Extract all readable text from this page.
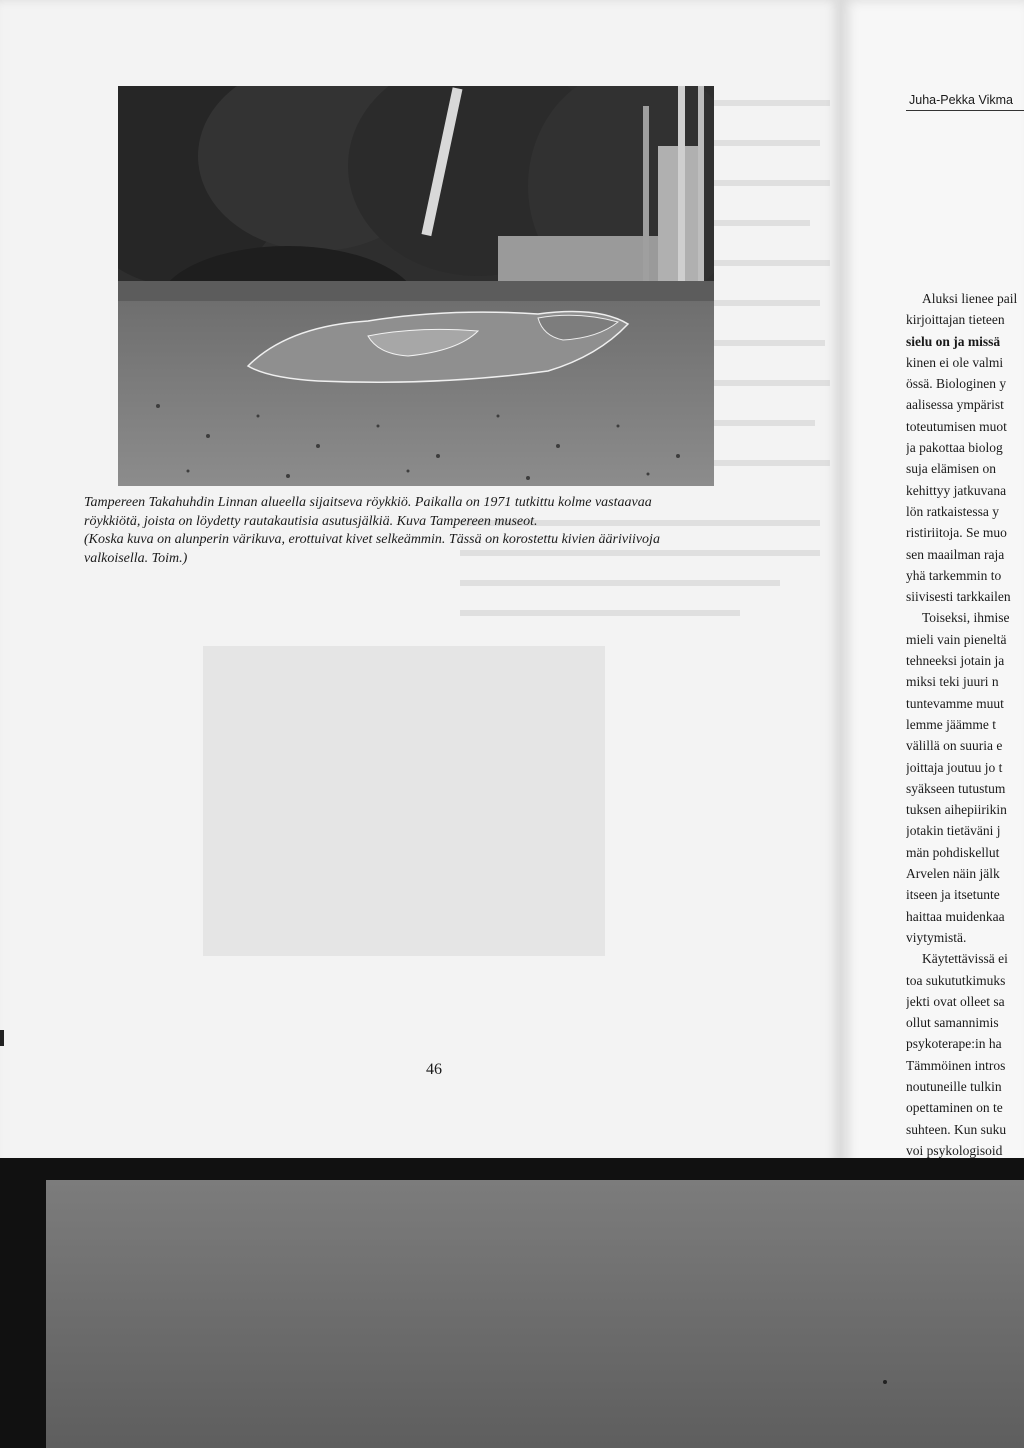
Tampereen Takahuhdin Linnan alueella sijaitseva röykkiö. Paikalla on 1971 tutkittu kolme vastaavaa
röykkiötä, joista on löydetty rautakautisia asutusjälkiä. Kuva Tampereen museot.
(Koska kuva on alunperin värikuva, erottuivat kivet selkeämmin. Tässä on korostettu kivien ääriviivoja
valkoisella. Toim.)

46
Juha-Pekka Vikma
Aluksi lienee pail
kirjoittajan tieteen
sielu on ja missä
kinen ei ole valmi
össä. Biologinen y
aalisessa ympärist
toteutumisen muot
ja pakottaa biolog
suja elämisen on
kehittyy jatkuvana
lön ratkaistessa y
ristiriitoja. Se muo
sen maailman raja
yhä tarkemmin to
siivisesti tarkkailen
Toiseksi, ihmise
mieli vain pieneltä
tehneeksi jotain ja
miksi teki juuri n
tuntevamme muut
lemme jäämme t
välillä on suuria e
joittaja joutuu jo t
syäkseen tutustum
tuksen aihepiirikin
jotakin tietäväni j
män pohdiskellut
Arvelen näin jälk
itseen ja itsetunte
haittaa muidenkaa
viytymistä.
Käytettävissä ei
toa sukututkimuks
jekti ovat olleet sa
ollut samannimis
psykoterape:in ha
Tämmöinen intros
noutuneille tulkin
opettaminen on te
suhteen. Kun suku
voi psykologisoid
